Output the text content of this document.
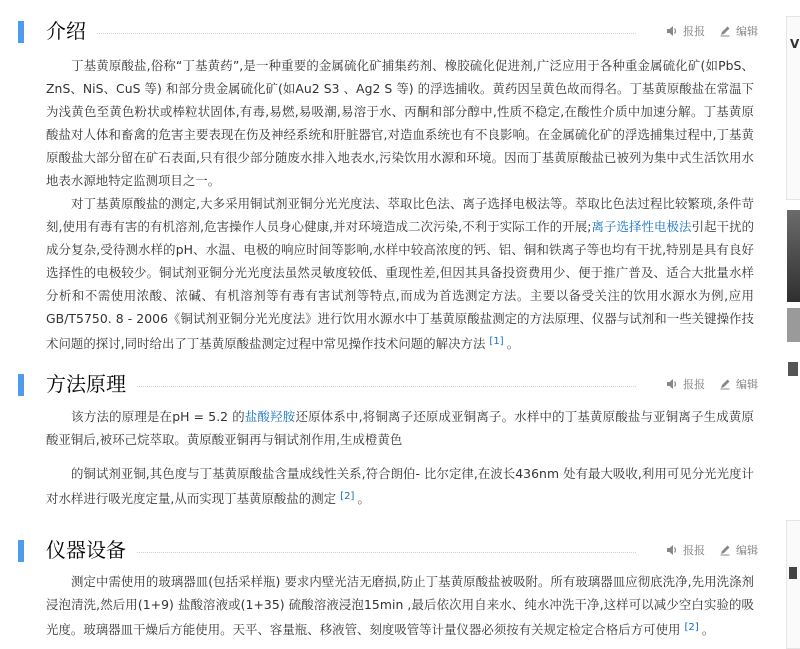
介绍	报报	编辑
丁基黄原酸盐,俗称“丁基黄药”,是一种重要的金属硫化矿捕集药剂、橡胶硫化促进剂,广泛应用于各种重金属硫化矿(如PbS、ZnS、NiS、CuS 等) 和部分贵金属硫化矿(如Au2 S3 、Ag2 S 等) 的浮选捕收。黄药因呈黄色故而得名。丁基黄原酸盐在常温下为浅黄色至黄色粉状或棒粒状固体,有毒,易燃,易吸潮,易溶于水、丙酮和部分醇中,性质不稳定,在酸性介质中加速分解。丁基黄原酸盐对人体和畜禽的危害主要表现在伤及神经系统和肝脏器官,对造血系统也有不良影响。在金属硫化矿的浮选捕集过程中,丁基黄原酸盐大部分留在矿石表面,只有很少部分随废水排入地表水,污染饮用水源和环境。因而丁基黄原酸盐已被列为集中式生活饮用水地表水源地特定监测项目之一。
对丁基黄原酸盐的测定,大多采用铜试剂亚铜分光光度法、萃取比色法、离子选择电极法等。萃取比色法过程比较繁琐,条件苛刻,使用有毒有害的有机溶剂,危害操作人员身心健康,并对环境造成二次污染,不利于实际工作的开展;离子选择性电极法引起干扰的成分复杂,受待测水样的pH、水温、电极的响应时间等影响,水样中较高浓度的钙、铝、铜和铁离子等也均有干扰,特别是具有良好选择性的电极较少。铜试剂亚铜分光光度法虽然灵敏度较低、重现性差,但因其具备投资费用少、便于推广普及、适合大批量水样分析和不需使用浓酸、浓碱、有机溶剂等有毒有害试剂等特点,而成为首选测定方法。主要以备受关注的饮用水源水为例,应用GB/T5750. 8 - 2006《铜试剂亚铜分光光度法》进行饮用水源水中丁基黄原酸盐测定的方法原理、仪器与试剂和一些关键操作技术问题的探讨,同时给出了丁基黄原酸盐测定过程中常见操作技术问题的解决方法 [1] 。
方法原理	报报	编辑
该方法的原理是在pH = 5.2 的盐酸羟胺还原体系中,将铜离子还原成亚铜离子。水样中的丁基黄原酸盐与亚铜离子生成黄原酸亚铜后,被环己烷萃取。黄原酸亚铜再与铜试剂作用,生成橙黄色
的铜试剂亚铜,其色度与丁基黄原酸盐含量成线性关系,符合朗伯- 比尔定律,在波长436nm 处有最大吸收,利用可见分光光度计对水样进行吸光度定量,从而实现丁基黄原酸盐的测定 [2] 。
仪器设备	报报	编辑
测定中需使用的玻璃器皿(包括采样瓶) 要求内壁光洁无磨损,防止丁基黄原酸盐被吸附。所有玻璃器皿应彻底洗净,先用洗涤剂浸泡清洗,然后用(1+9) 盐酸溶液或(1+35) 硫酸溶液浸泡15min ,最后依次用自来水、纯水冲洗干净,这样可以减少空白实验的吸光度。玻璃器皿干燥后方能使用。天平、容量瓶、移液管、刻度吸管等计量仪器必须按有关规定检定合格后方可使用 [2] 。
V
